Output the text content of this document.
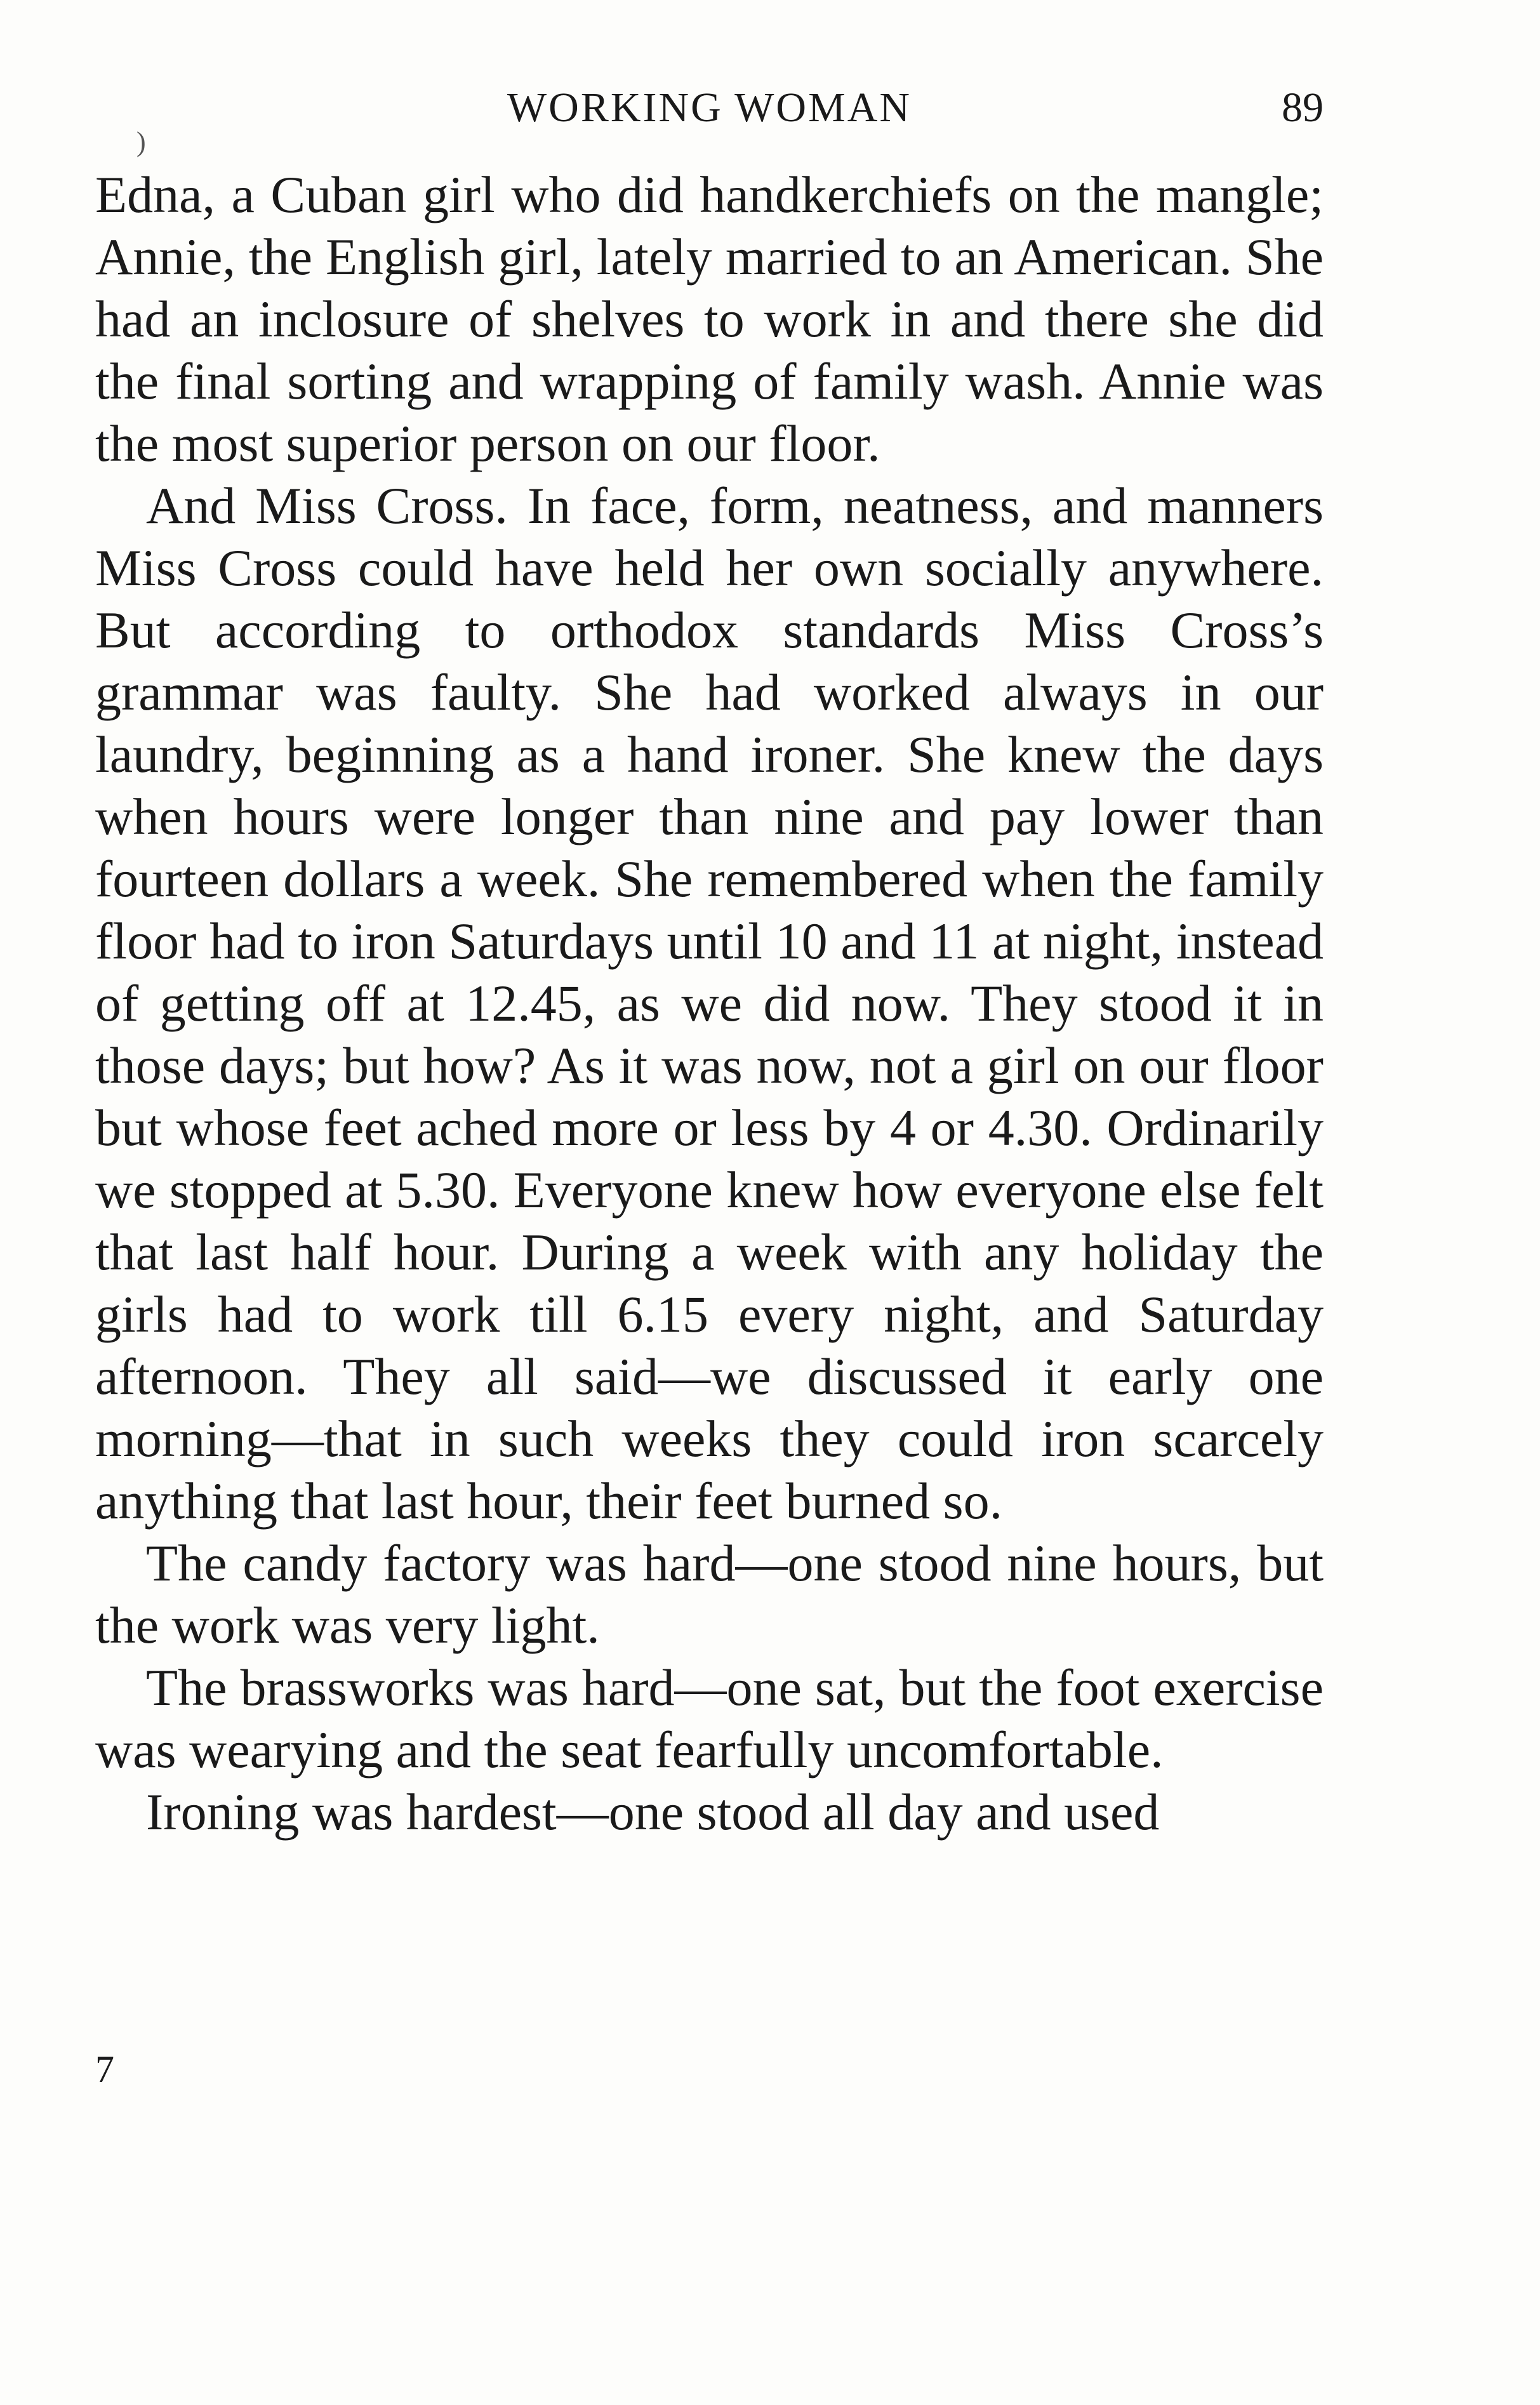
WORKING WOMAN	89
)

Edna, a Cuban girl who did handkerchiefs on the mangle; Annie, the English girl, lately married to an American. She had an inclosure of shelves to work in and there she did the final sorting and wrapping of family wash. Annie was the most superior person on our floor.

And Miss Cross. In face, form, neatness, and manners Miss Cross could have held her own socially anywhere. But according to orthodox standards Miss Cross’s grammar was faulty. She had worked always in our laundry, beginning as a hand ironer. She knew the days when hours were longer than nine and pay lower than fourteen dollars a week. She remembered when the family floor had to iron Saturdays until 10 and 11 at night, instead of getting off at 12.45, as we did now. They stood it in those days; but how? As it was now, not a girl on our floor but whose feet ached more or less by 4 or 4.30. Ordinarily we stopped at 5.30. Everyone knew how everyone else felt that last half hour. During a week with any holiday the girls had to work till 6.15 every night, and Saturday afternoon. They all said—we discussed it early one morning—that in such weeks they could iron scarcely anything that last hour, their feet burned so.

The candy factory was hard—one stood nine hours, but the work was very light.

The brassworks was hard—one sat, but the foot exercise was wearying and the seat fearfully uncomfortable.

Ironing was hardest—one stood all day and used

7
